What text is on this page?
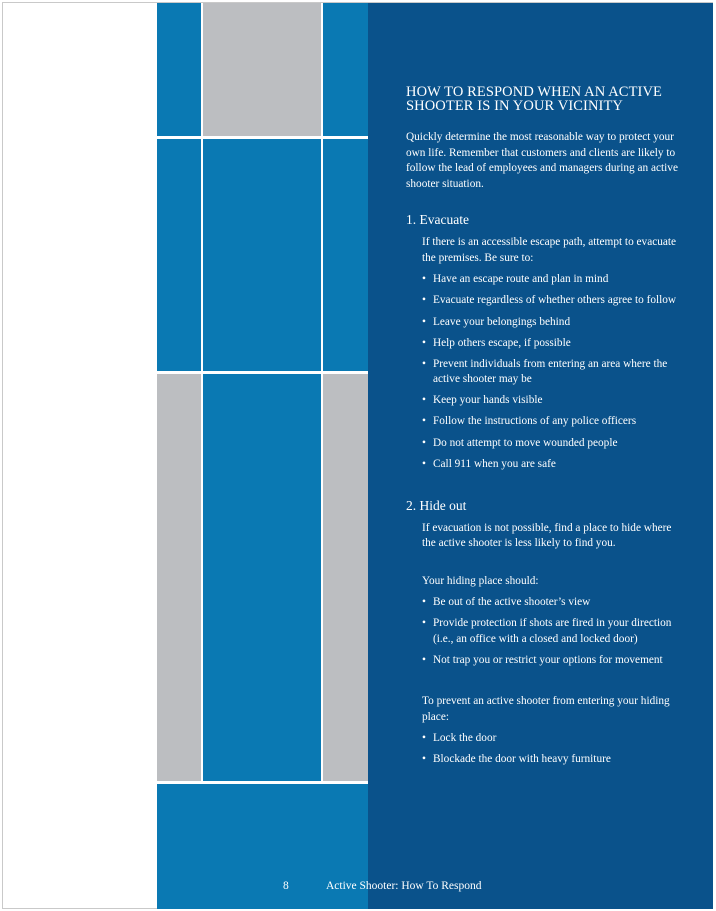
HOW TO RESPOND WHEN AN ACTIVE SHOOTER IS IN YOUR VICINITY
Quickly determine the most reasonable way to protect your own life. Remember that customers and clients are likely to follow the lead of employees and managers during an active shooter situation.
1. Evacuate
If there is an accessible escape path, attempt to evacuate the premises. Be sure to:
• Have an escape route and plan in mind
• Evacuate regardless of whether others agree to follow
• Leave your belongings behind
• Help others escape, if possible
• Prevent individuals from entering an area where the active shooter may be
• Keep your hands visible
• Follow the instructions of any police officers
• Do not attempt to move wounded people
• Call 911 when you are safe
2. Hide out
If evacuation is not possible, find a place to hide where the active shooter is less likely to find you.
Your hiding place should:
• Be out of the active shooter’s view
• Provide protection if shots are fired in your direction (i.e., an office with a closed and locked door)
• Not trap you or restrict your options for movement
To prevent an active shooter from entering your hiding place:
• Lock the door
• Blockade the door with heavy furniture
8	Active Shooter: How To Respond
